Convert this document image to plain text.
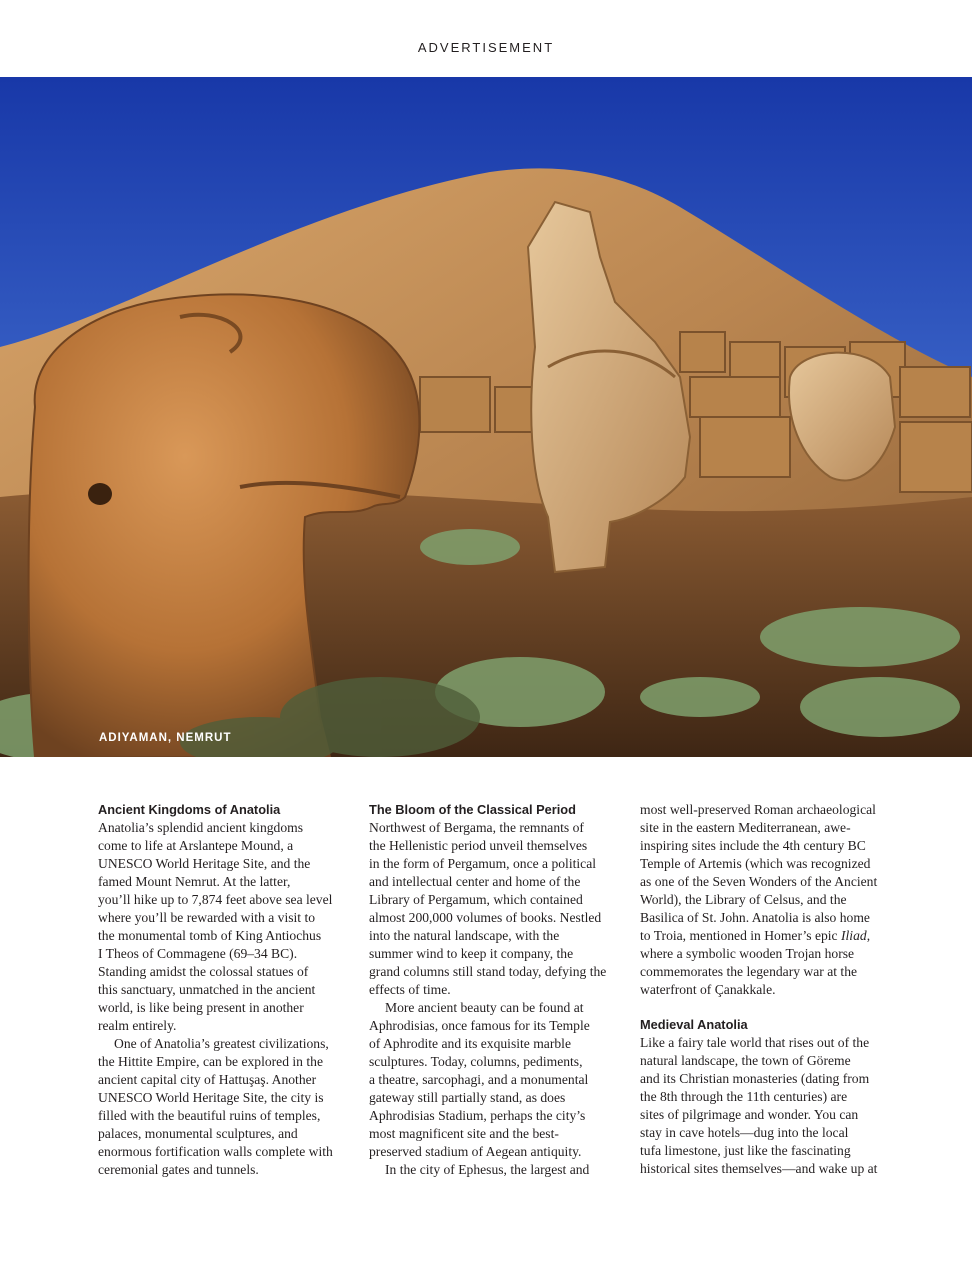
ADVERTISEMENT
ADIYAMAN, NEMRUT
Ancient Kingdoms of Anatolia

Anatolia’s splendid ancient kingdoms
come to life at Arslantepe Mound, a
UNESCO World Heritage Site, and the
famed Mount Nemrut. At the latter,
you’ll hike up to 7,874 feet above sea level
where you’ll be rewarded with a visit to
the monumental tomb of King Antiochus
I Theos of Commagene (69–34 BC).
Standing amidst the colossal statues of
this sanctuary, unmatched in the ancient
world, is like being present in another
realm entirely.

One of Anatolia’s greatest civilizations,
the Hittite Empire, can be explored in the
ancient capital city of Hattuşaş. Another
UNESCO World Heritage Site, the city is
filled with the beautiful ruins of temples,
palaces, monumental sculptures, and
enormous fortification walls complete with
ceremonial gates and tunnels.

The Bloom of the Classical Period

Northwest of Bergama, the remnants of
the Hellenistic period unveil themselves
in the form of Pergamum, once a political
and intellectual center and home of the
Library of Pergamum, which contained
almost 200,000 volumes of books. Nestled
into the natural landscape, with the
summer wind to keep it company, the
grand columns still stand today, defying the
effects of time.

More ancient beauty can be found at
Aphrodisias, once famous for its Temple
of Aphrodite and its exquisite marble
sculptures. Today, columns, pediments,
a theatre, sarcophagi, and a monumental
gateway still partially stand, as does
Aphrodisias Stadium, perhaps the city’s
most magnificent site and the best-
preserved stadium of Aegean antiquity.

In the city of Ephesus, the largest and

most well-preserved Roman archaeological
site in the eastern Mediterranean, awe-
inspiring sites include the 4th century BC
Temple of Artemis (which was recognized
as one of the Seven Wonders of the Ancient
World), the Library of Celsus, and the
Basilica of St. John. Anatolia is also home
to Troia, mentioned in Homer’s epic Iliad,
where a symbolic wooden Trojan horse
commemorates the legendary war at the
waterfront of Çanakkale.

Medieval Anatolia

Like a fairy tale world that rises out of the
natural landscape, the town of Göreme
and its Christian monasteries (dating from
the 8th through the 11th centuries) are
sites of pilgrimage and wonder. You can
stay in cave hotels—dug into the local
tufa limestone, just like the fascinating
historical sites themselves—and wake up at
